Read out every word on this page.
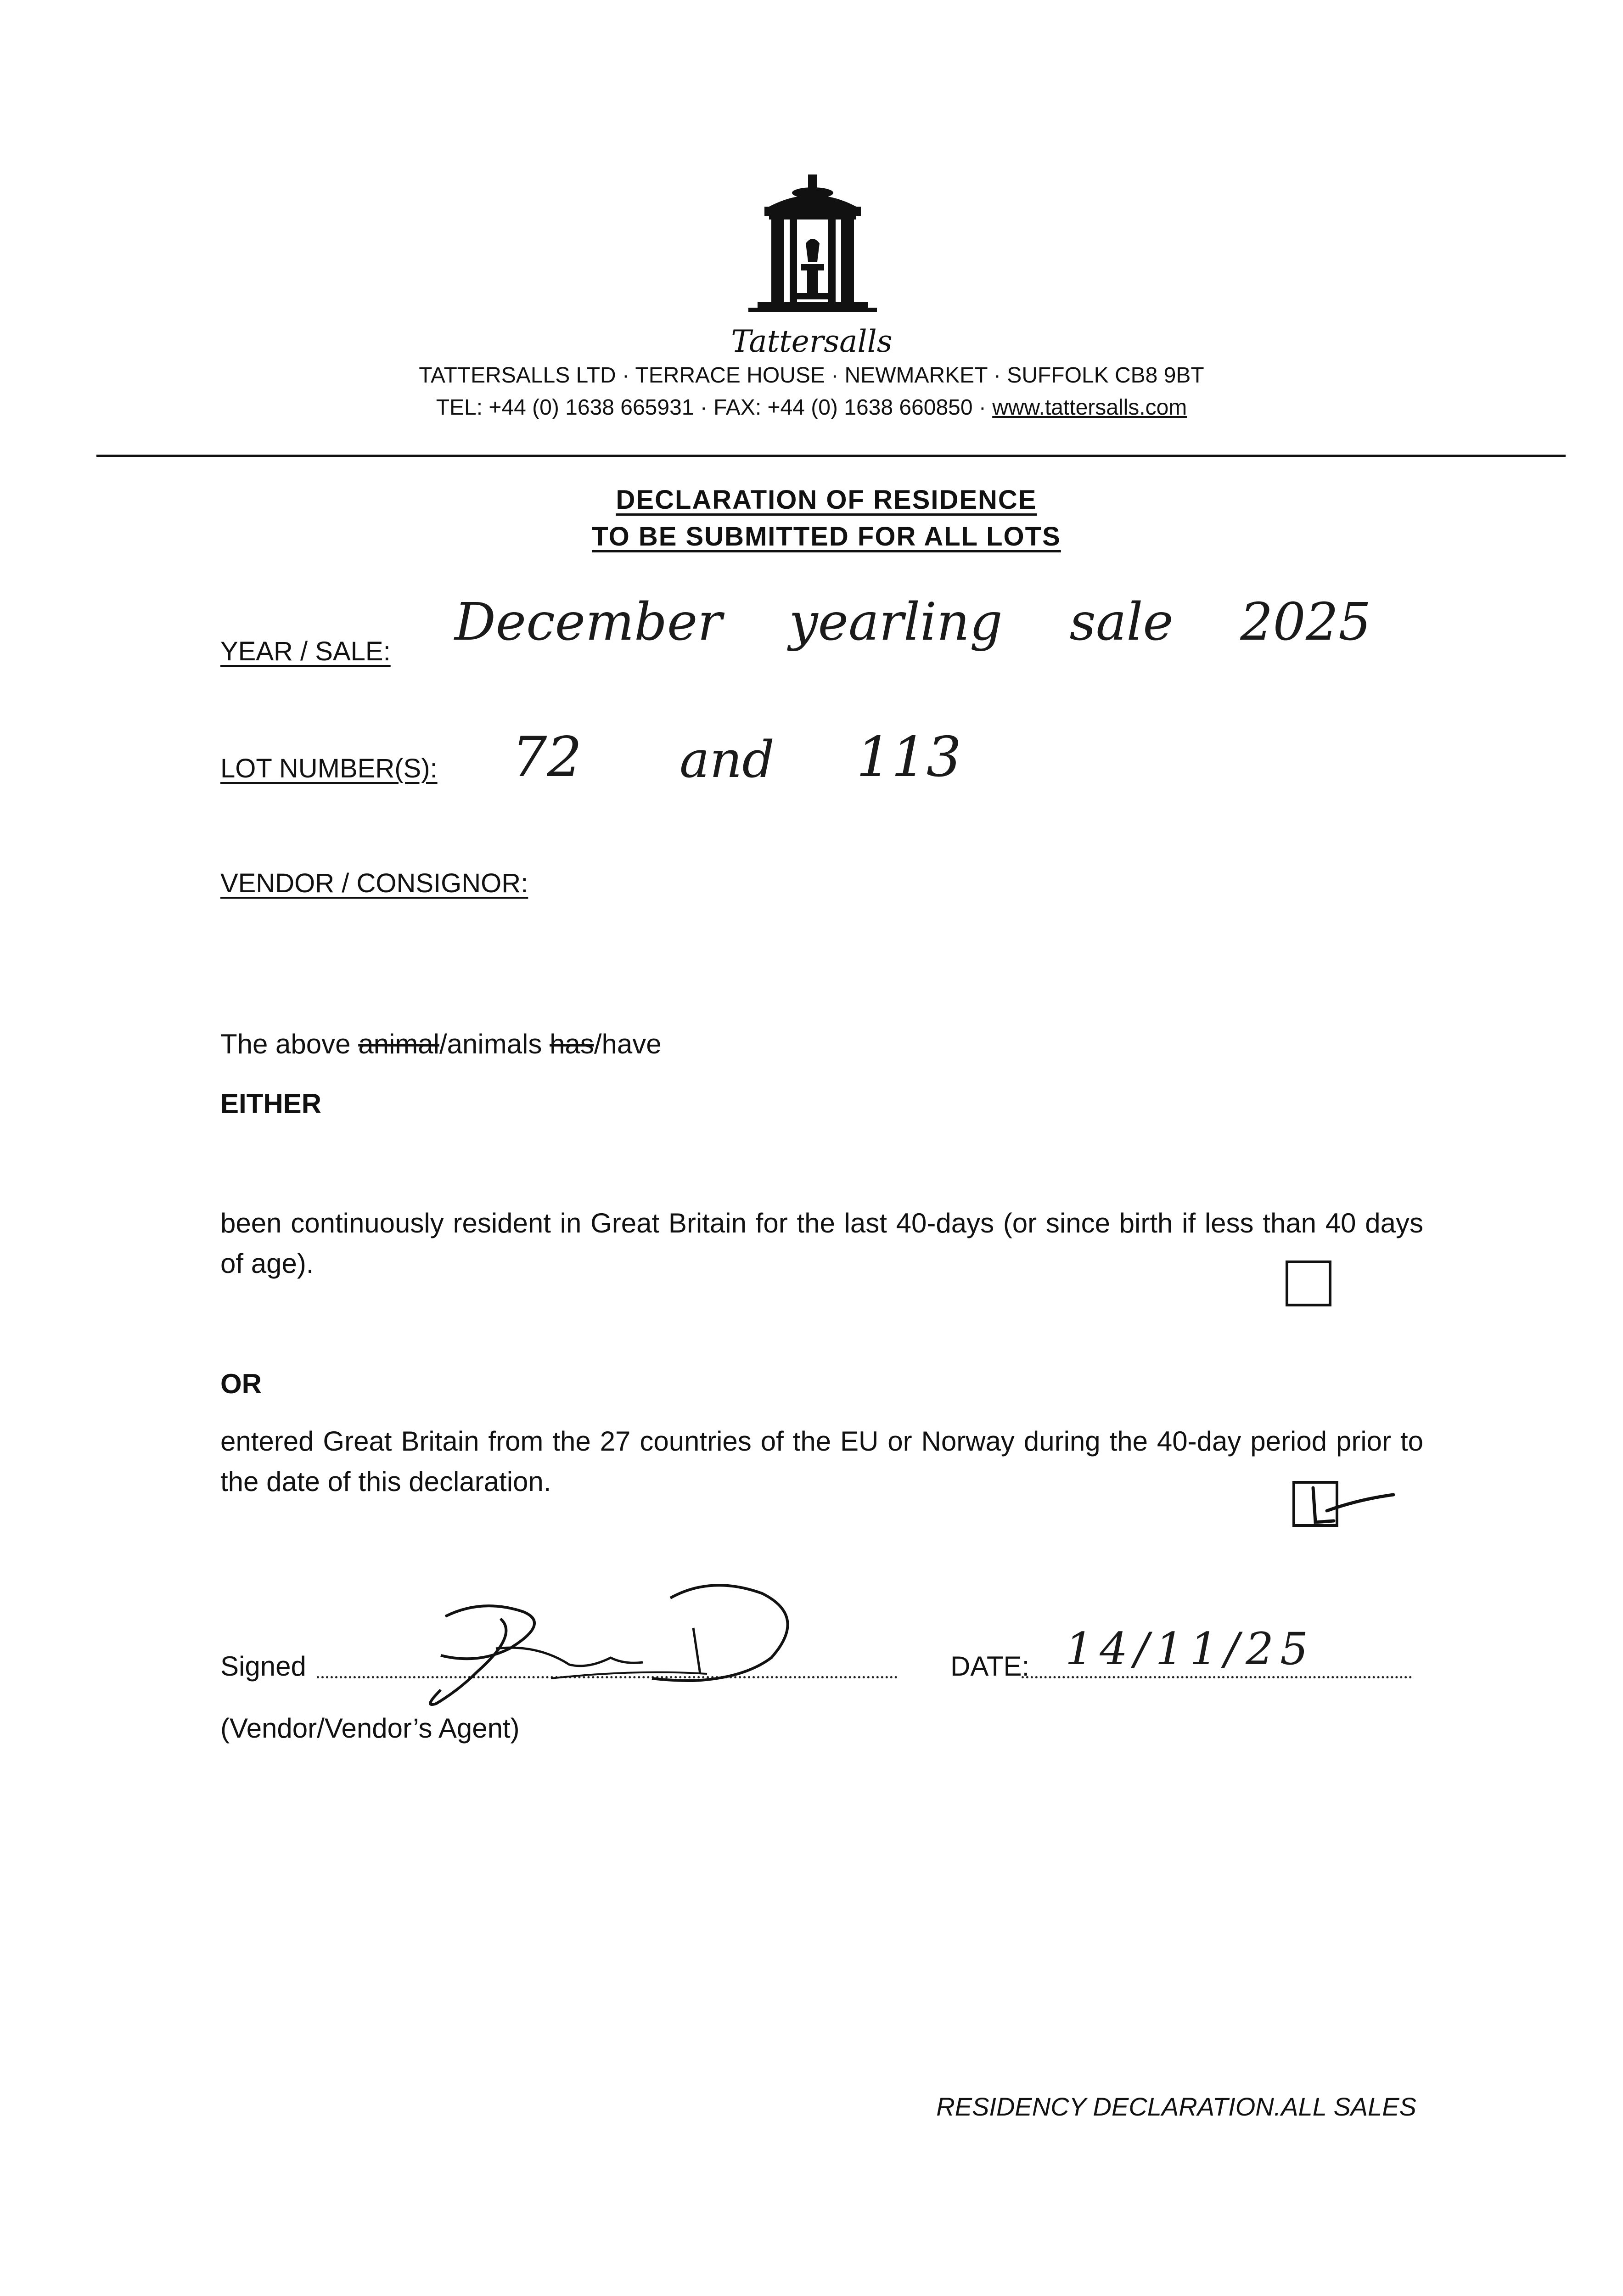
Tattersalls
TATTERSALLS LTD · TERRACE HOUSE · NEWMARKET · SUFFOLK CB8 9BT
TEL: +44 (0) 1638 665931 · FAX: +44 (0) 1638 660850 · www.tattersalls.com
DECLARATION OF RESIDENCE
TO BE SUBMITTED FOR ALL LOTS
YEAR / SALE: December yearling sale 2025
LOT NUMBER(S): 72 and 113
VENDOR / CONSIGNOR:
The above animal/animals has/have
EITHER
been continuously resident in Great Britain for the last 40-days (or since birth if less than 40 days of age).
OR
entered Great Britain from the 27 countries of the EU or Norway during the 40-day period prior to the date of this declaration.
Signed	DATE: 14/11/25
(Vendor/Vendor’s Agent)
RESIDENCY DECLARATION.ALL SALES
